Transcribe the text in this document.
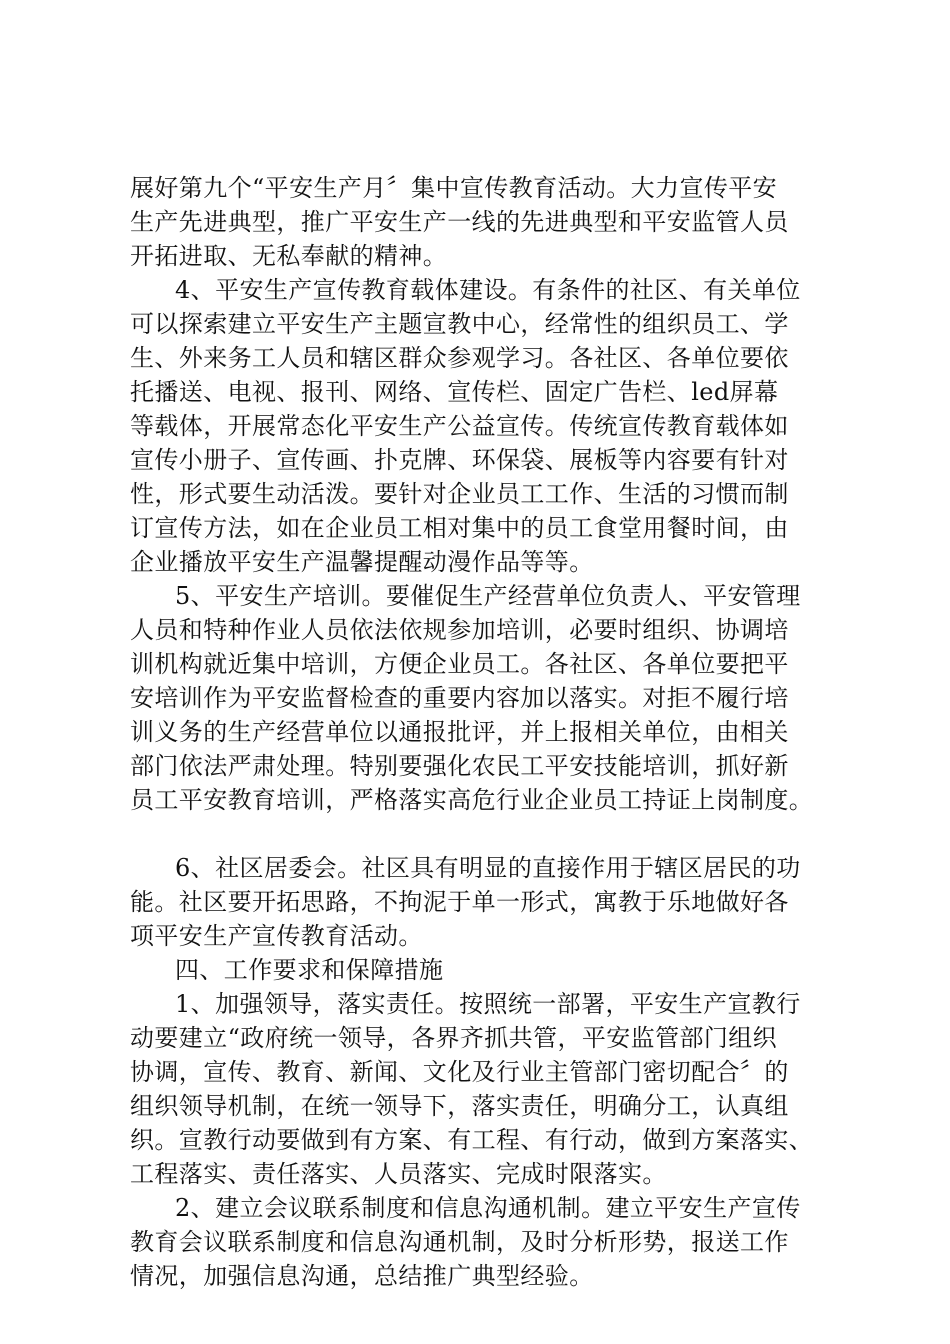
展好第九个“平安生产月〞集中宣传教育活动。大力宣传平安
生产先进典型，推广平安生产一线的先进典型和平安监管人员
开拓进取、无私奉献的精神。
4、平安生产宣传教育载体建设。有条件的社区、有关单位
可以探索建立平安生产主题宣教中心，经常性的组织员工、学
生、外来务工人员和辖区群众参观学习。各社区、各单位要依
托播送、电视、报刊、网络、宣传栏、固定广告栏、led屏幕
等载体，开展常态化平安生产公益宣传。传统宣传教育载体如
宣传小册子、宣传画、扑克牌、环保袋、展板等内容要有针对
性，形式要生动活泼。要针对企业员工工作、生活的习惯而制
订宣传方法，如在企业员工相对集中的员工食堂用餐时间，由
企业播放平安生产温馨提醒动漫作品等等。
5、平安生产培训。要催促生产经营单位负责人、平安管理
人员和特种作业人员依法依规参加培训，必要时组织、协调培
训机构就近集中培训，方便企业员工。各社区、各单位要把平
安培训作为平安监督检查的重要内容加以落实。对拒不履行培
训义务的生产经营单位以通报批评，并上报相关单位，由相关
部门依法严肃处理。特别要强化农民工平安技能培训，抓好新
员工平安教育培训，严格落实高危行业企业员工持证上岗制度。
6、社区居委会。社区具有明显的直接作用于辖区居民的功
能。社区要开拓思路，不拘泥于单一形式，寓教于乐地做好各
项平安生产宣传教育活动。
四、工作要求和保障措施
1、加强领导，落实责任。按照统一部署，平安生产宣教行
动要建立“政府统一领导，各界齐抓共管，平安监管部门组织
协调，宣传、教育、新闻、文化及行业主管部门密切配合〞的
组织领导机制，在统一领导下，落实责任，明确分工，认真组
织。宣教行动要做到有方案、有工程、有行动，做到方案落实、
工程落实、责任落实、人员落实、完成时限落实。
2、建立会议联系制度和信息沟通机制。建立平安生产宣传
教育会议联系制度和信息沟通机制，及时分析形势，报送工作
情况，加强信息沟通，总结推广典型经验。
